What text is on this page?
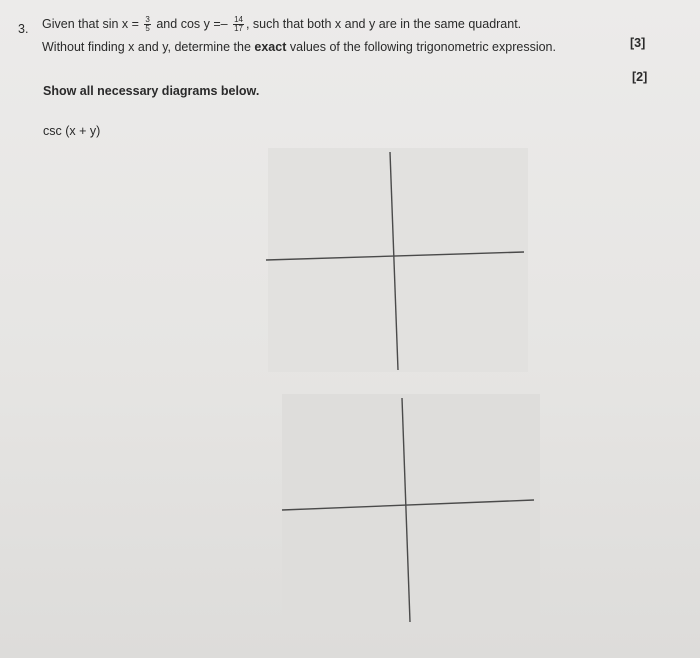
3. Given that $\sin x = \frac{3}{5}$ and $\cos y =- \frac{14}{17}$ , such that both x and y are in the same quadrant.
Without finding x and y, determine the exact values of the following trigonometric expression.	[3]
[2]
Show all necessary diagrams below.
csc (x + y)
